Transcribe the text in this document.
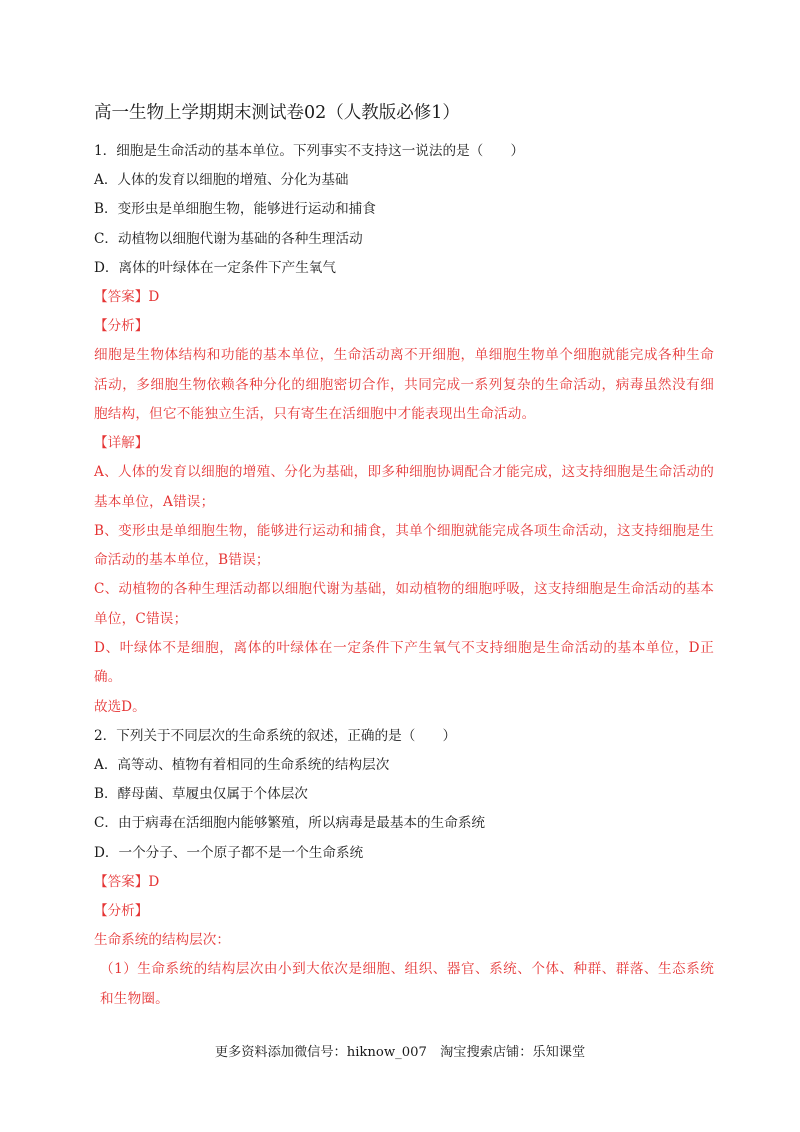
高一生物上学期期末测试卷02（人教版必修1）
1．细胞是生命活动的基本单位。下列事实不支持这一说法的是（　　）
A．人体的发育以细胞的增殖、分化为基础
B．变形虫是单细胞生物，能够进行运动和捕食
C．动植物以细胞代谢为基础的各种生理活动
D．离体的叶绿体在一定条件下产生氧气
【答案】D
【分析】
细胞是生物体结构和功能的基本单位，生命活动离不开细胞，单细胞生物单个细胞就能完成各种生命活动，多细胞生物依赖各种分化的细胞密切合作，共同完成一系列复杂的生命活动，病毒虽然没有细胞结构，但它不能独立生活，只有寄生在活细胞中才能表现出生命活动。
【详解】
A、人体的发育以细胞的增殖、分化为基础，即多种细胞协调配合才能完成，这支持细胞是生命活动的基本单位，A错误；
B、变形虫是单细胞生物，能够进行运动和捕食，其单个细胞就能完成各项生命活动，这支持细胞是生命活动的基本单位，B错误；
C、动植物的各种生理活动都以细胞代谢为基础，如动植物的细胞呼吸，这支持细胞是生命活动的基本单位，C错误；
D、叶绿体不是细胞，离体的叶绿体在一定条件下产生氧气不支持细胞是生命活动的基本单位，D正确。
故选D。
2．下列关于不同层次的生命系统的叙述，正确的是（　　）
A．高等动、植物有着相同的生命系统的结构层次
B．酵母菌、草履虫仅属于个体层次
C．由于病毒在活细胞内能够繁殖，所以病毒是最基本的生命系统
D．一个分子、一个原子都不是一个生命系统
【答案】D
【分析】
生命系统的结构层次：
（1）生命系统的结构层次由小到大依次是细胞、组织、器官、系统、个体、种群、群落、生态系统和生物圈。
更多资料添加微信号：hiknow_007　淘宝搜索店铺：乐知课堂
